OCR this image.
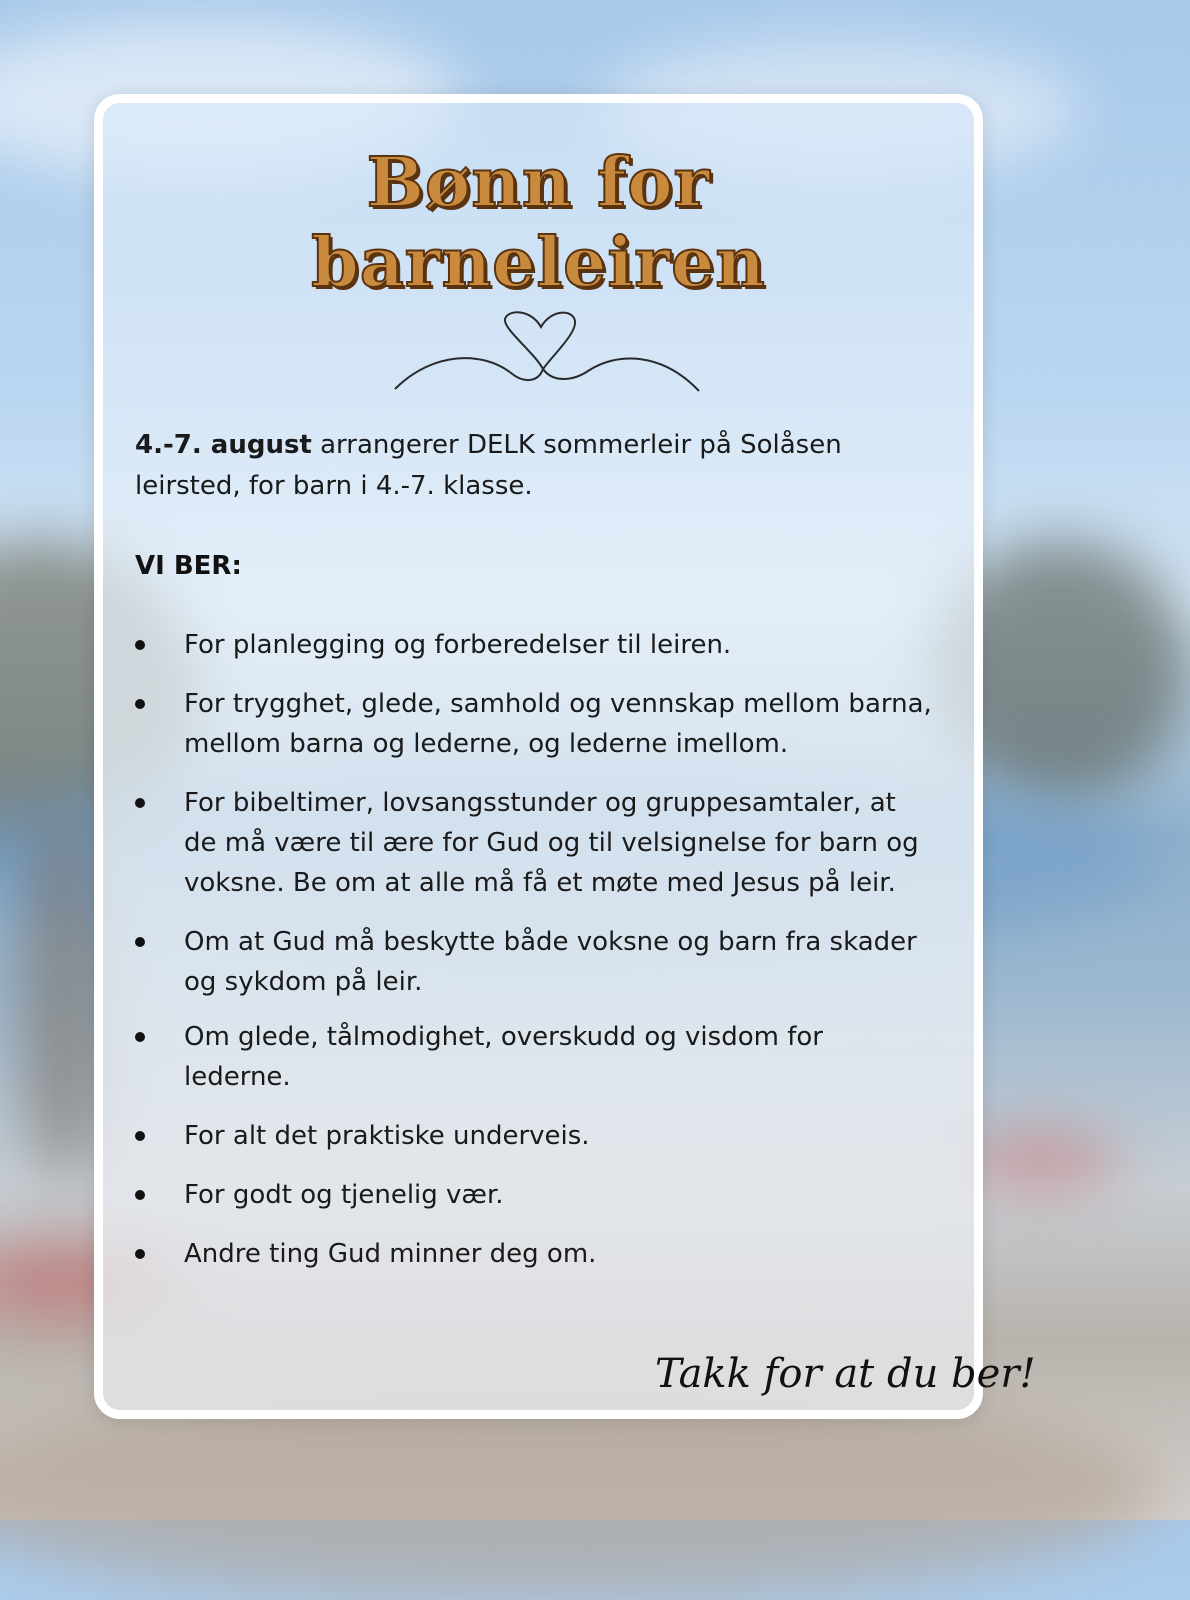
Bønn for
barneleiren
4.-7. august arrangerer DELK sommerleir på Solåsen leirsted, for barn i 4.-7. klasse.
VI BER:
For planlegging og forberedelser til leiren.
For trygghet, glede, samhold og vennskap mellom barna, mellom barna og lederne, og lederne imellom.
For bibeltimer, lovsangsstunder og gruppesamtaler, at de må være til ære for Gud og til velsignelse for barn og voksne. Be om at alle må få et møte med Jesus på leir.
Om at Gud må beskytte både voksne og barn fra skader og sykdom på leir.
Om glede, tålmodighet, overskudd og visdom for lederne.
For alt det praktiske underveis.
For godt og tjenelig vær.
Andre ting Gud minner deg om.
Takk for at du ber!
